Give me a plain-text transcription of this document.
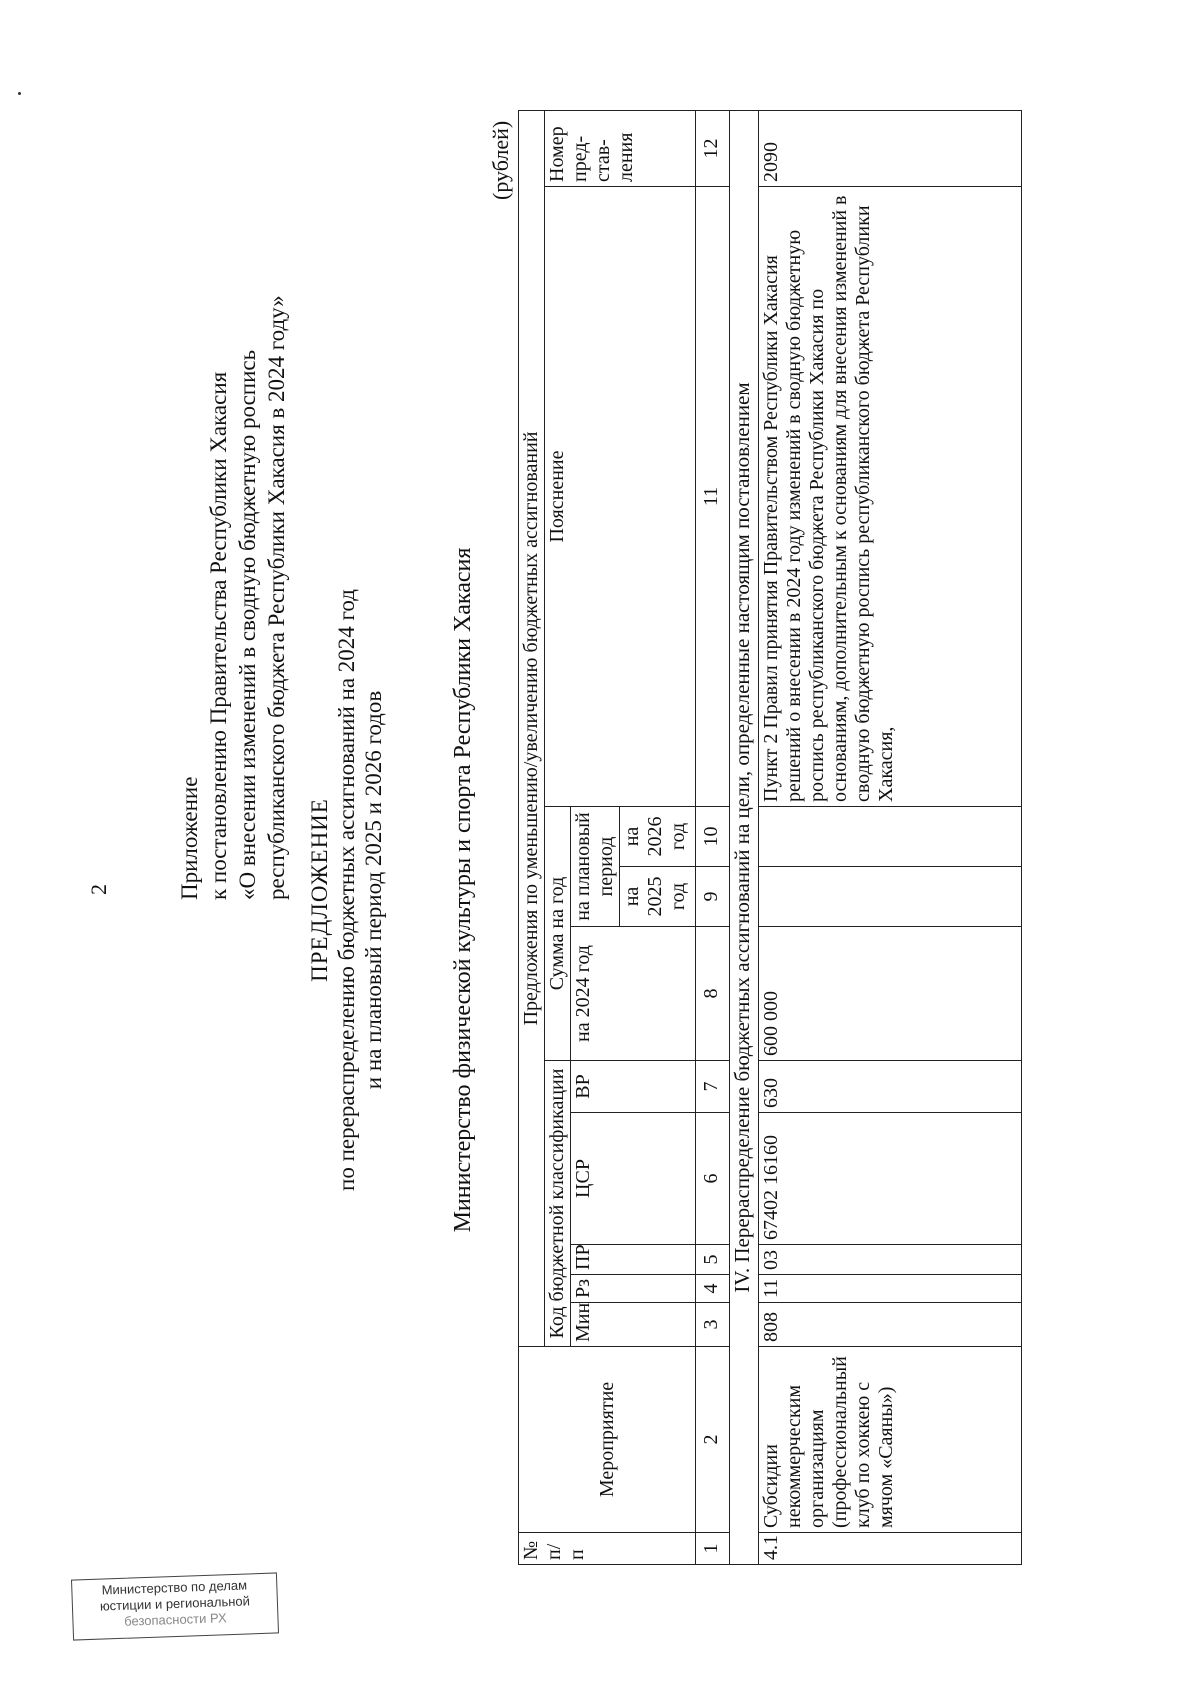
2	Приложение к постановлению Правительства Республики Хакасия «О внесении изменений в сводную бюджетную роспись республиканского бюджета Республики Хакасия в 2024 году» ПРЕДЛОЖЕНИЕ по перераспределению бюджетных ассигнований на 2024 год и на плановый период 2025 и 2026 годов	Министерство физической культуры и спорта Республики Хакасия
(рублей)
№ п/п	Мероприятие	Предложения по уменьшению/увеличению бюджетных ассигнований									
		Код бюджетной классификации					Сумма на год			Пояснение	Номер пред-став-ления
		Мин	Рз	ПР	ЦСР	ВР	на 2024 год	на плановый период			
								на 2025 год	на 2026 год		
1	2	3	4	5	6	7	8	9	10	11	12
IV. Перераспределение бюджетных ассигнований на цели, определенные настоящим постановлением											
4.1	Субсидии некоммерческим организациям (профессиональный клуб по хоккею с мячом «Саяны»)	808	11	03	67402 16160	630	600 000			Пункт 2 Правил принятия Правительством Республики Хакасия решений о внесении в 2024 году изменений в сводную бюджетную роспись республиканского бюджета Республики Хакасия по основаниям, дополнительным к основаниям для внесения изменений в сводную бюджетную роспись республиканского бюджета Республики Хакасия,	2090
Министерство по делам
юстиции и региональной
безопасности РХ
